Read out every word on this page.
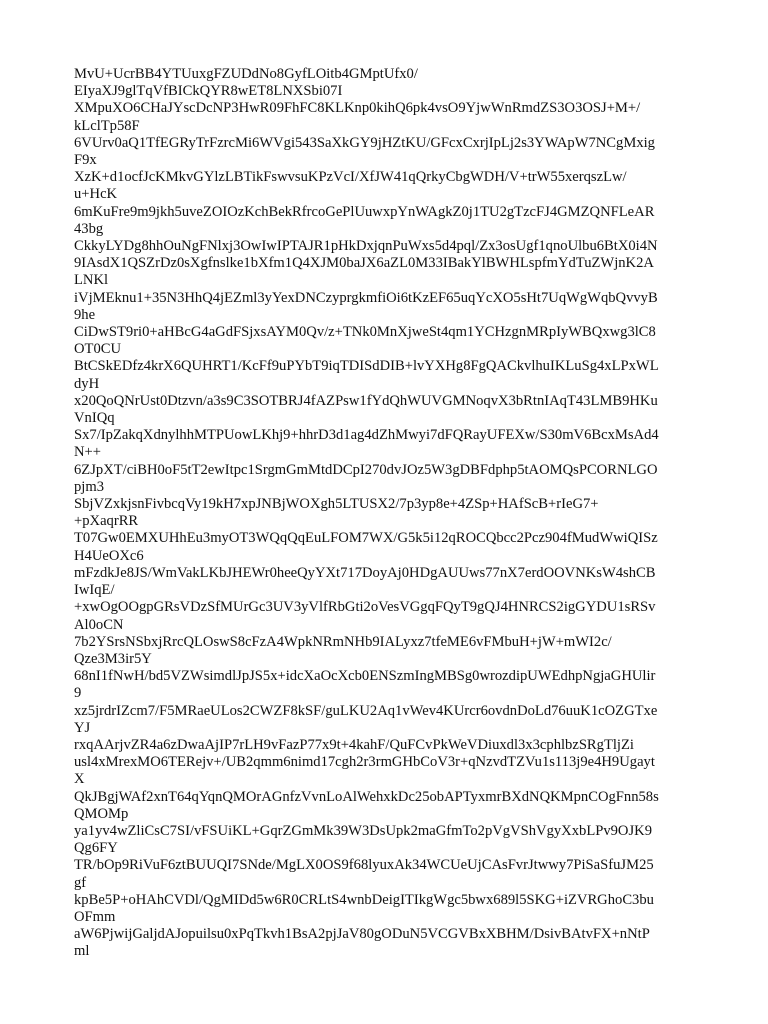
MvU+UcrBB4YTUuxgFZUDdNo8GyfLOitb4GMptUfx0/
EIyaXJ9glTqVfBICkQYR8wET8LNXSbi07I
XMpuXO6CHaJYscDcNP3HwR09FhFC8KLKnp0kihQ6pk4vsO9YjwWnRmdZS3O3OSJ+M+/
kLclTp58F
6VUrv0aQ1TfEGRyTrFzrcMi6WVgi543SaXkGY9jHZtKU/GFcxCxrjIpLj2s3YWApW7NCgMxig
F9x
XzK+d1ocfJcKMkvGYlzLBTikFswvsuKPzVcI/XfJW41qQrkyCbgWDH/V+trW55xerqszLw/
u+HcK
6mKuFre9m9jkh5uveZOIOzKchBekRfrcoGePlUuwxpYnWAgkZ0j1TU2gTzcFJ4GMZQNFLeAR
43bg
CkkyLYDg8hhOuNgFNlxj3OwIwIPTAJR1pHkDxjqnPuWxs5d4pql/Zx3osUgf1qnoUlbu6BtX0i4N
9IAsdX1QSZrDz0sXgfnslke1bXfm1Q4XJM0baJX6aZL0M33IBakYlBWHLspfmYdTuZWjnK2A
LNKl
iVjMEknu1+35N3HhQ4jEZml3yYexDNCzyprgkmfiOi6tKzEF65uqYcXO5sHt7UqWgWqbQvvyB
9he
CiDwST9ri0+aHBcG4aGdFSjxsAYM0Qv/z+TNk0MnXjweSt4qm1YCHzgnMRpIyWBQxwg3lC8
OT0CU
BtCSkEDfz4krX6QUHRT1/KcFf9uPYbT9iqTDISdDIB+lvYXHg8FgQACkvlhuIKLuSg4xLPxWL
dyH
x20QoQNrUst0Dtzvn/a3s9C3SOTBRJ4fAZPsw1fYdQhWUVGMNoqvX3bRtnIAqT43LMB9HKu
VnIQq
Sx7/IpZakqXdnylhhMTPUowLKhj9+hhrD3d1ag4dZhMwyi7dFQRayUFEXw/S30mV6BcxMsAd4
N++
6ZJpXT/ciBH0oF5tT2ewItpc1SrgmGmMtdDCpI270dvJOz5W3gDBFdphp5tAOMQsPCORNLGO
pjm3
SbjVZxkjsnFivbcqVy19kH7xpJNBjWOXgh5LTUSX2/7p3yp8e+4ZSp+HAfScB+rIeG7+
+pXaqrRR
T07Gw0EMXUHhEu3myOT3WQqQqEuLFOM7WX/G5k5i12qROCQbcc2Pcz904fMudWwiQISz
H4UeOXc6
mFzdkJe8JS/WmVakLKbJHEWr0heeQyYXt717DoyAj0HDgAUUws77nX7erdOOVNKsW4shCB
IwIqE/
+xwOgOOgpGRsVDzSfMUrGc3UV3yVlfRbGti2oVesVGgqFQyT9gQJ4HNRCS2igGYDU1sRSv
Al0oCN
7b2YSrsNSbxjRrcQLOswS8cFzA4WpkNRmNHb9IALyxz7tfeME6vFMbuH+jW+mWI2c/
Qze3M3ir5Y
68nI1fNwH/bd5VZWsimdlJpJS5x+idcXaOcXcb0ENSzmIngMBSg0wrozdipUWEdhpNgjaGHUlir
9
xz5jrdrIZcm7/F5MRaeULos2CWZF8kSF/guLKU2Aq1vWev4KUrcr6ovdnDoLd76uuK1cOZGTxe
YJ
rxqAArjvZR4a6zDwaAjIP7rLH9vFazP77x9t+4kahF/QuFCvPkWeVDiuxdl3x3cphlbzSRgTljZi
usl4xMrexMO6TERejv+/UB2qmm6nimd17cgh2r3rmGHbCoV3r+qNzvdTZVu1s113j9e4H9Ugayt
X
QkJBgjWAf2xnT64qYqnQMOrAGnfzVvnLoAlWehxkDc25obAPTyxmrBXdNQKMpnCOgFnn58s
QMOMp
ya1yv4wZliCsC7SI/vFSUiKL+GqrZGmMk39W3DsUpk2maGfmTo2pVgVShVgyXxbLPv9OJK9
Qg6FY
TR/bOp9RiVuF6ztBUUQI7SNde/MgLX0OS9f68lyuxAk34WCUeUjCAsFvrJtwwy7PiSaSfuJM25
gf
kpBe5P+oHAhCVDl/QgMIDd5w6R0CRLtS4wnbDeigITIkgWgc5bwx689l5SKG+iZVRGhoC3bu
OFmm
aW6PjwijGaljdAJopuilsu0xPqTkvh1BsA2pjJaV80gODuN5VCGVBxXBHM/DsivBAtvFX+nNtP
ml
